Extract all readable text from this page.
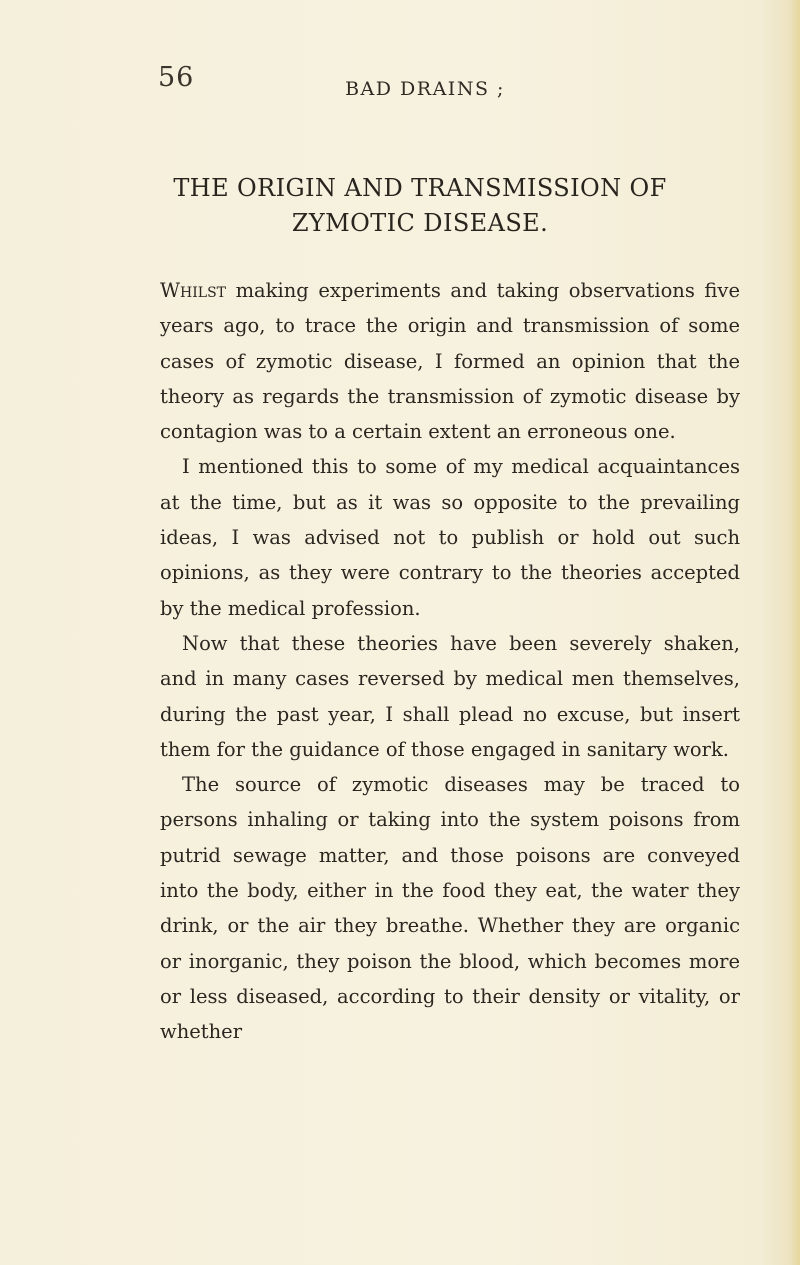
56	BAD DRAINS ;
THE ORIGIN AND TRANSMISSION OF ZYMOTIC DISEASE.

Whilst making experiments and taking observations five years ago, to trace the origin and transmission of some cases of zymotic disease, I formed an opinion that the theory as regards the transmission of zymotic disease by contagion was to a certain extent an erroneous one.

I mentioned this to some of my medical acquaintances at the time, but as it was so opposite to the prevailing ideas, I was advised not to publish or hold out such opinions, as they were contrary to the theories accepted by the medical profession.

Now that these theories have been severely shaken, and in many cases reversed by medical men themselves, during the past year, I shall plead no excuse, but insert them for the guidance of those engaged in sanitary work.

The source of zymotic diseases may be traced to persons inhaling or taking into the system poisons from putrid sewage matter, and those poisons are conveyed into the body, either in the food they eat, the water they drink, or the air they breathe. Whether they are organic or inorganic, they poison the blood, which becomes more or less diseased, according to their density or vitality, or whether
